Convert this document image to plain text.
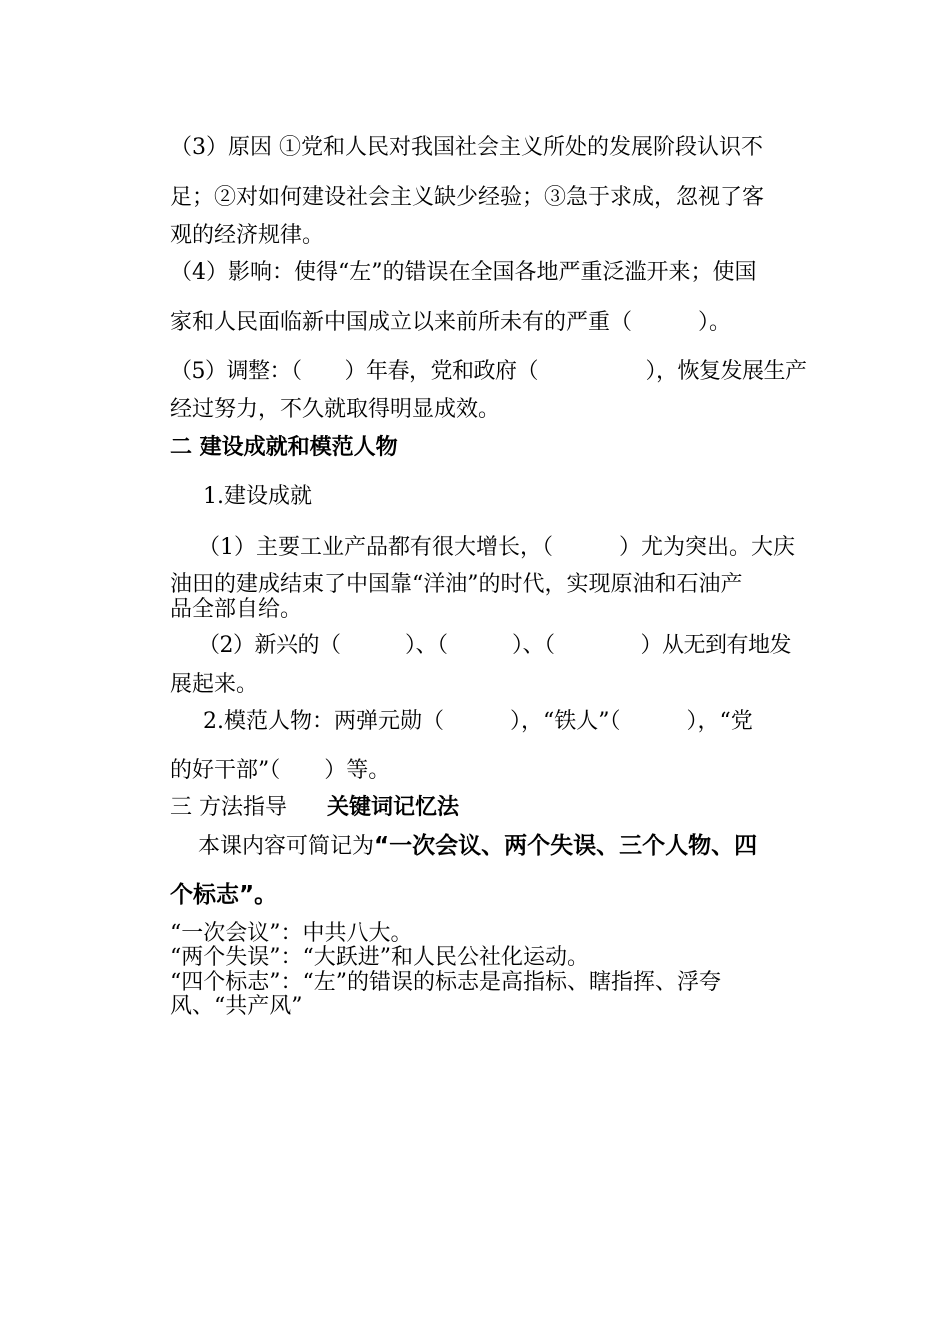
（3）原因 ①党和人民对我国社会主义所处的发展阶段认识不
足；②对如何建设社会主义缺少经验；③急于求成，忽视了客
观的经济规律。
（4）影响：使得“左”的错误在全国各地严重泛滥开来；使国
家和人民面临新中国成立以来前所未有的严重（　　　）。
（5）调整：（　　）年春，党和政府（　　　　　），恢复发展生产
经过努力，不久就取得明显成效。
二 建设成就和模范人物
1.建设成就
（1）主要工业产品都有很大增长，（　　　）尤为突出。大庆
油田的建成结束了中国靠“洋油”的时代，实现原油和石油产
品全部自给。
（2）新兴的（　　　）、（　　　）、（　　　　）从无到有地发
展起来。
2.模范人物：两弹元勋（　　　），“铁人”（　　　），“党
的好干部”（　　）等。
三 方法指导 关键词记忆法
本课内容可简记为“一次会议、两个失误、三个人物、四
个标志”。
“一次会议”：中共八大。
“两个失误”：“大跃进”和人民公社化运动。
“四个标志”：“左”的错误的标志是高指标、瞎指挥、浮夸
风、“共产风”
